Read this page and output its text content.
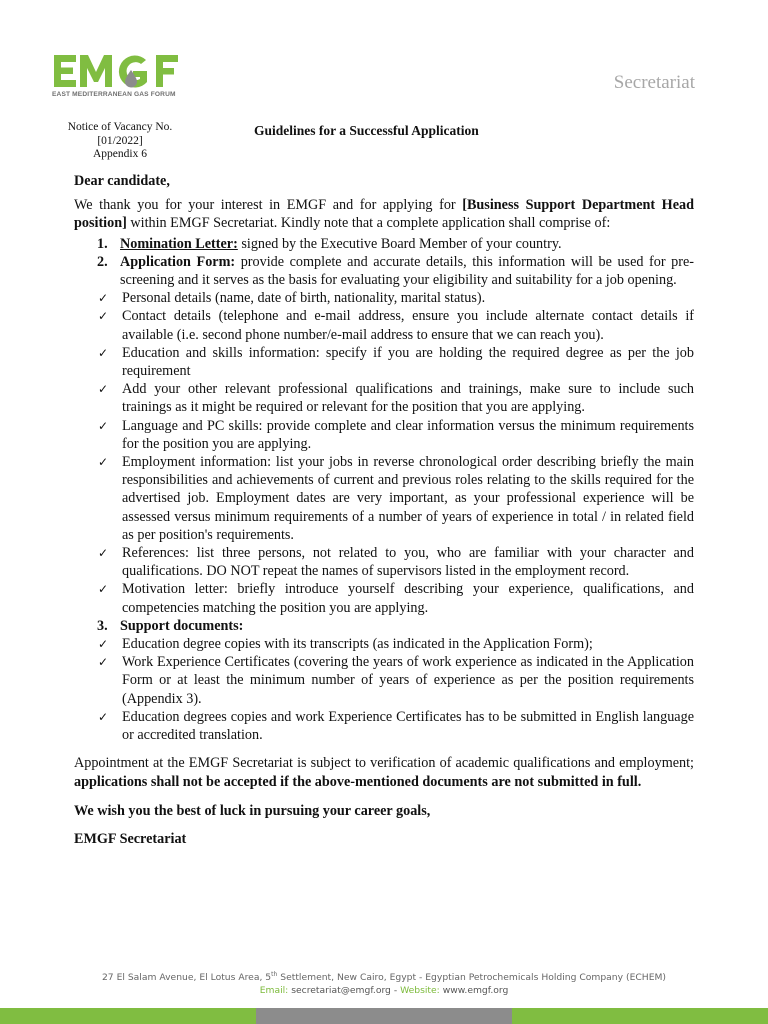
EAST MEDITERRANEAN GAS FORUM
Secretariat
Notice of Vacancy No.
[01/2022]
Appendix 6
Guidelines for a Successful Application

Dear candidate,

We thank you for your interest in EMGF and for applying for [Business Support Department Head position] within EMGF Secretariat. Kindly note that a complete application shall comprise of:

1. Nomination Letter: signed by the Executive Board Member of your country.
2. Application Form: provide complete and accurate details, this information will be used for pre-screening and it serves as the basis for evaluating your eligibility and suitability for a job opening.
✓ Personal details (name, date of birth, nationality, marital status).
✓ Contact details (telephone and e-mail address, ensure you include alternate contact details if available (i.e. second phone number/e-mail address to ensure that we can reach you).
✓ Education and skills information: specify if you are holding the required degree as per the job requirement
✓ Add your other relevant professional qualifications and trainings, make sure to include such trainings as it might be required or relevant for the position that you are applying.
✓ Language and PC skills: provide complete and clear information versus the minimum requirements for the position you are applying.
✓ Employment information: list your jobs in reverse chronological order describing briefly the main responsibilities and achievements of current and previous roles relating to the skills required for the advertised job. Employment dates are very important, as your professional experience will be assessed versus minimum requirements of a number of years of experience in total / in related field as per position's requirements.
✓ References: list three persons, not related to you, who are familiar with your character and qualifications. DO NOT repeat the names of supervisors listed in the employment record.
✓ Motivation letter: briefly introduce yourself describing your experience, qualifications, and competencies matching the position you are applying.
3. Support documents:
✓ Education degree copies with its transcripts (as indicated in the Application Form);
✓ Work Experience Certificates (covering the years of work experience as indicated in the Application Form or at least the minimum number of years of experience as per the position requirements (Appendix 3).
✓ Education degrees copies and work Experience Certificates has to be submitted in English language or accredited translation.

Appointment at the EMGF Secretariat is subject to verification of academic qualifications and employment; applications shall not be accepted if the above-mentioned documents are not submitted in full.

We wish you the best of luck in pursuing your career goals,

EMGF Secretariat

27 El Salam Avenue, El Lotus Area, 5th Settlement, New Cairo, Egypt - Egyptian Petrochemicals Holding Company (ECHEM)
Email: secretariat@emgf.org - Website: www.emgf.org
